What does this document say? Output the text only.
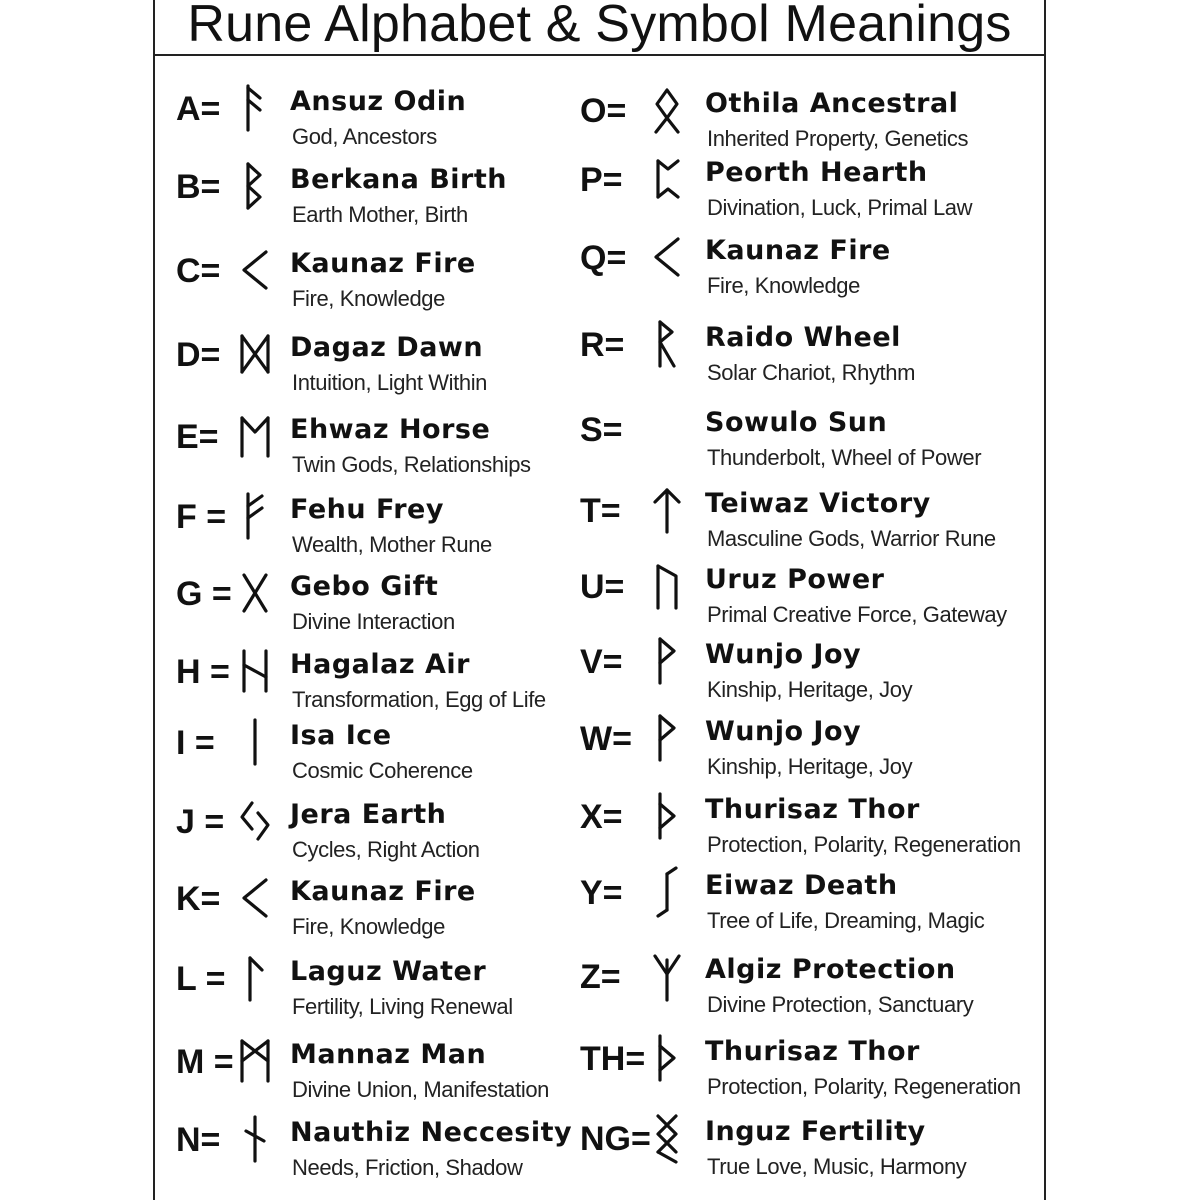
Rune Alphabet & Symbol Meanings
A=	Ansuz Odin
God, Ancestors
B=	Berkana Birth
Earth Mother, Birth
C=	Kaunaz Fire
Fire, Knowledge
D=	Dagaz Dawn
Intuition, Light Within
E=	Ehwaz Horse
Twin Gods, Relationships
F = Fehu Frey
Wealth, Mother Rune
G = Gebo Gift
Divine Interaction
H = Hagalaz Air
Transformation, Egg of Life
I =	Isa Ice
Cosmic Coherence
J = Jera Earth
Cycles, Right Action
K=	Kaunaz Fire
Fire, Knowledge
L = Laguz Water
Fertility, Living Renewal
M = Mannaz Man
Divine Union, Manifestation
N=	Nauthiz Neccesity
Needs, Friction, Shadow
O=	Othila Ancestral
Inherited Property, Genetics
P=	Peorth Hearth
Divination, Luck, Primal Law
Q=	Kaunaz Fire
Fire, Knowledge
R=	Raido Wheel
Solar Chariot, Rhythm
S=	Sowulo Sun
Thunderbolt, Wheel of Power
T=	Teiwaz Victory
Masculine Gods, Warrior Rune
U=	Uruz Power
Primal Creative Force, Gateway
V=	Wunjo Joy
Kinship, Heritage, Joy
W=	Wunjo Joy
Kinship, Heritage, Joy
X=	Thurisaz Thor
Protection, Polarity, Regeneration
Y=	Eiwaz Death
Tree of Life, Dreaming, Magic
Z=	Algiz Protection
Divine Protection, Sanctuary
TH= Thurisaz Thor
Protection, Polarity, Regeneration
NG= Inguz Fertility
True Love, Music, Harmony
